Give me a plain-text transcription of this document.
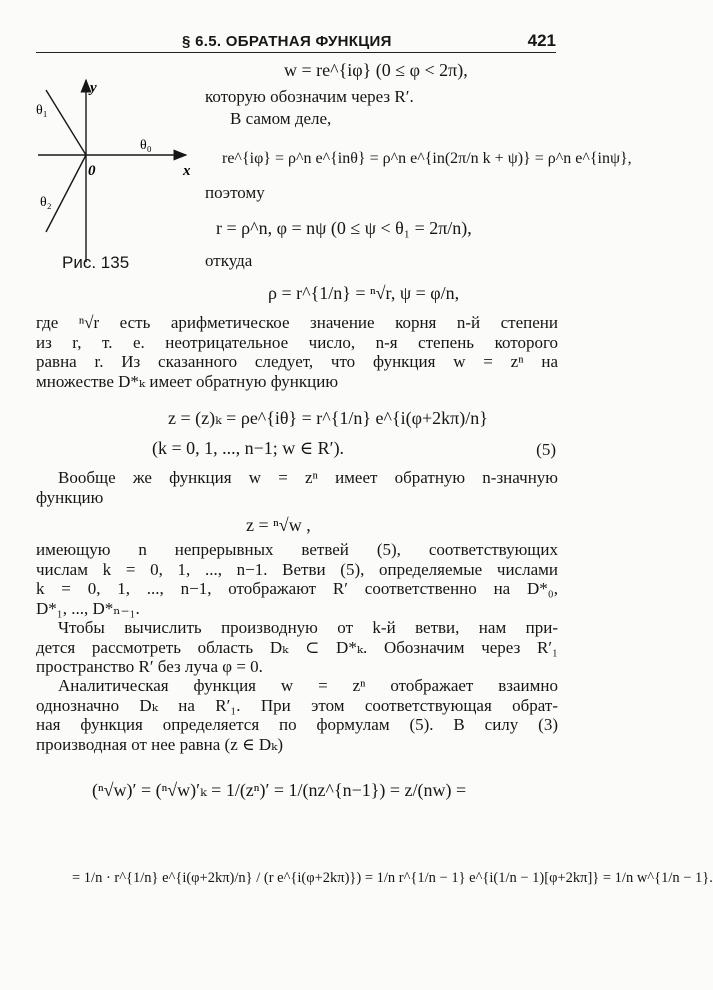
§ 6.5. ОБРАТНАЯ ФУНКЦИЯ	421
y
x
0
θ₀
θ₁
θ₂
Рис. 135
w = re^{iφ} (0 ≤ φ < 2π),
которую обозначим через R′.
В самом деле,
re^{iφ} = ρ^n e^{inθ} = ρ^n e^{in(2π/n k + ψ)} = ρ^n e^{inψ},
поэтому
r = ρ^n, φ = nψ (0 ≤ ψ < θ₁ = 2π/n),
откуда
ρ = r^{1/n} = ⁿ√r, ψ = φ/n,
где ⁿ√r есть арифметическое значение корня n-й степени
из r, т. е. неотрицательное число, n-я степень которого
равна r. Из сказанного следует, что функция w = zⁿ на
множестве D*ₖ имеет обратную функцию
z = (z)ₖ = ρe^{iθ} = r^{1/n} e^{i(φ+2kπ)/n}
(k = 0, 1, ..., n−1; w ∈ R′).	(5)
Вообще же функция w = zⁿ имеет обратную n-значную
функцию
z = ⁿ√w ,
имеющую n непрерывных ветвей (5), соответствующих
числам k = 0, 1, ..., n−1. Ветви (5), определяемые числами
k = 0, 1, ..., n−1, отображают R′ соответственно на D*₀,
D*₁, ..., D*ₙ₋₁.
Чтобы вычислить производную от k-й ветви, нам при-
дется рассмотреть область Dₖ ⊂ D*ₖ. Обозначим через R′₁
пространство R′ без луча φ = 0.
Аналитическая функция w = zⁿ отображает взаимно
однозначно Dₖ на R′₁. При этом соответствующая обрат-
ная функция определяется по формулам (5). В силу (3)
производная от нее равна (z ∈ Dₖ)
(ⁿ√w)′ = (ⁿ√w)′ₖ = 1/(zⁿ)′ = 1/(nz^{n−1}) = z/(nw) =
= 1/n · r^{1/n} e^{i(φ+2kπ)/n} / (r e^{i(φ+2kπ)}) = 1/n r^{1/n − 1} e^{i(1/n − 1)[φ+2kπ]} = 1/n w^{1/n − 1}.
